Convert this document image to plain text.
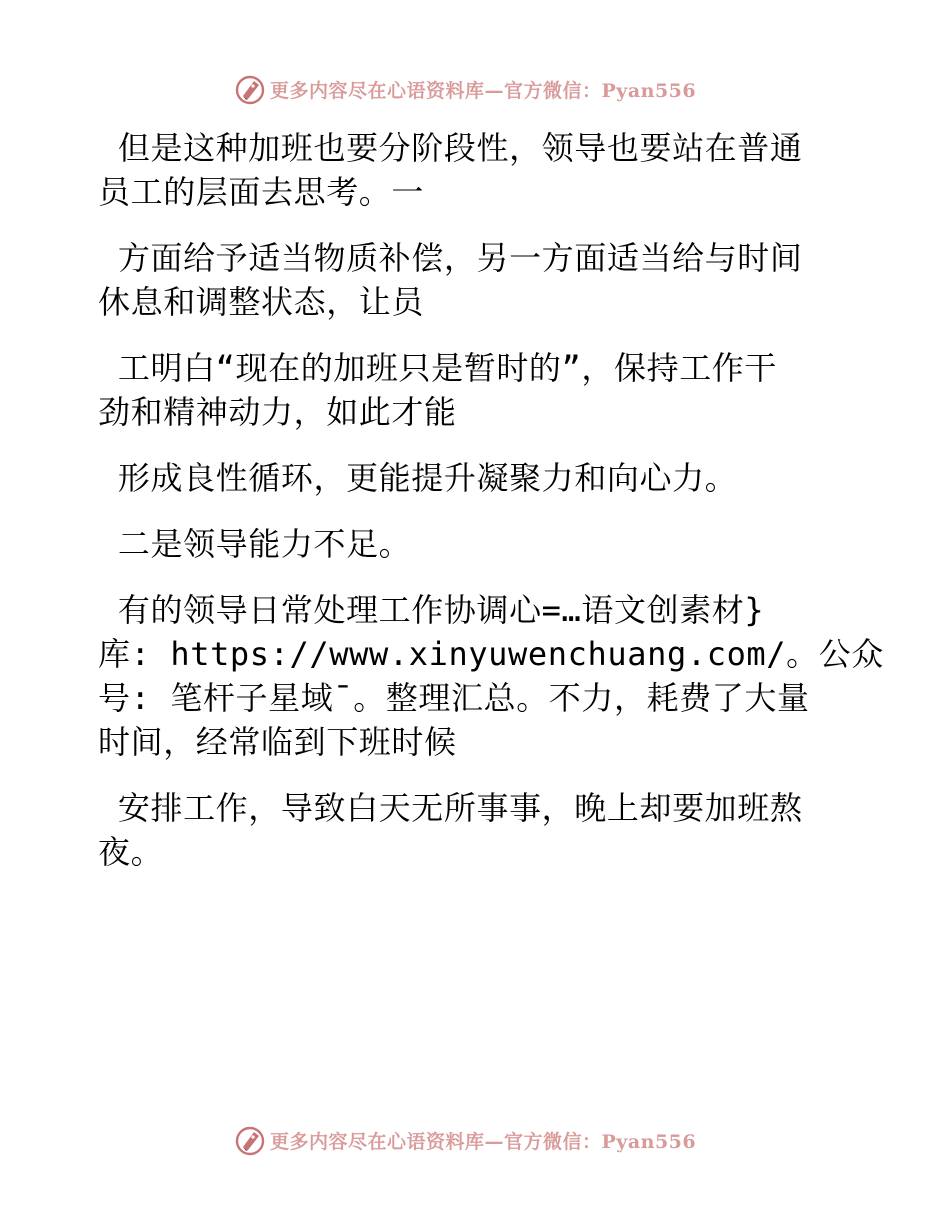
更多内容尽在心语资料库—官方微信：Pyan556
但是这种加班也要分阶段性，领导也要站在普通
员工的层面去思考。一
方面给予适当物质补偿，另一方面适当给与时间
休息和调整状态，让员
工明白“现在的加班只是暂时的”，保持工作干
劲和精神动力，如此才能
形成良性循环，更能提升凝聚力和向心力。
二是领导能力不足。
有的领导日常处理工作协调心=…语文创素材}
库: https://www.xinyuwenchuang.com/。公众
号: 笔杆子星域¯。整理汇总。不力，耗费了大量
时间，经常临到下班时候
安排工作，导致白天无所事事，晚上却要加班熬
夜。
更多内容尽在心语资料库—官方微信：Pyan556
